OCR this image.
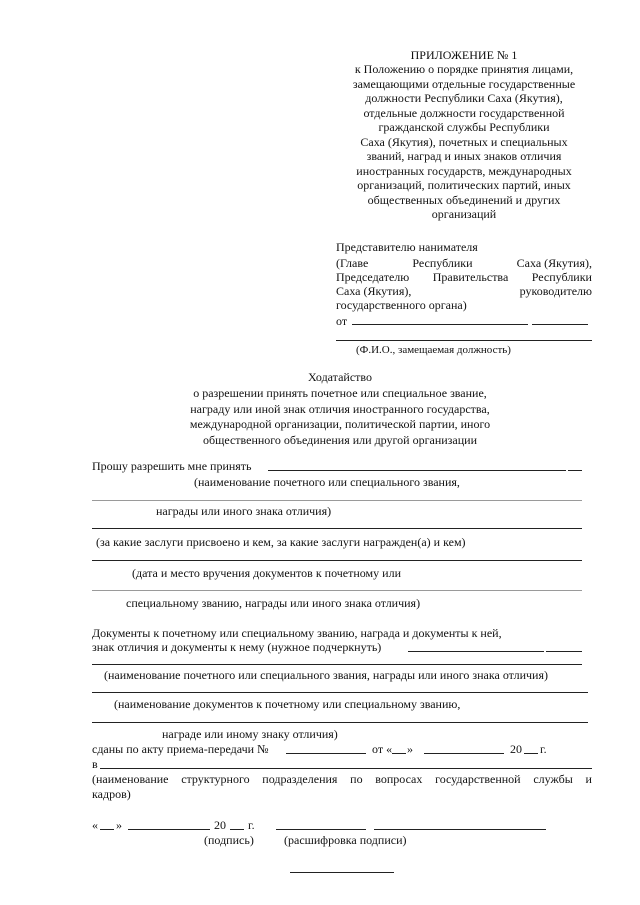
ПРИЛОЖЕНИЕ № 1
к Положению о порядке принятия лицами,
замещающими отдельные государственные
должности Республики Саха (Якутия),
отдельные должности государственной
гражданской службы Республики
Саха (Якутия), почетных и специальных
званий, наград и иных знаков отличия
иностранных государств, международных
организаций, политических партий, иных
общественных объединений и других
организаций
Представителю нанимателя
(Главе	Республики	Саха (Якутия),
Председателю Правительства Республики
Саха (Якутия),	руководителю
государственного органа)
от
(Ф.И.О., замещаемая должность)
Ходатайство
о разрешении принять почетное или специальное звание,
награду или иной знак отличия иностранного государства,
международной организации, политической партии, иного
общественного объединения или другой организации
Прошу разрешить мне принять
(наименование почетного или специального звания,
награды или иного знака отличия)
(за какие заслуги присвоено и кем, за какие заслуги награжден(а) и кем)
(дата и место вручения документов к почетному или
специальному званию, награды или иного знака отличия)
Документы к почетному или специальному званию, награда и документы к ней,
знак отличия и документы к нему (нужное подчеркнуть)
(наименование почетного или специального звания, награды или иного знака отличия)
(наименование документов к почетному или специальному званию,
награде или иному знаку отличия)
сданы по акту приема-передачи №	от « »	20 г.
в
(наименование структурного подразделения по вопросах государственной службы и
кадров)
« »	20 г.
(подпись)	(расшифровка подписи)
